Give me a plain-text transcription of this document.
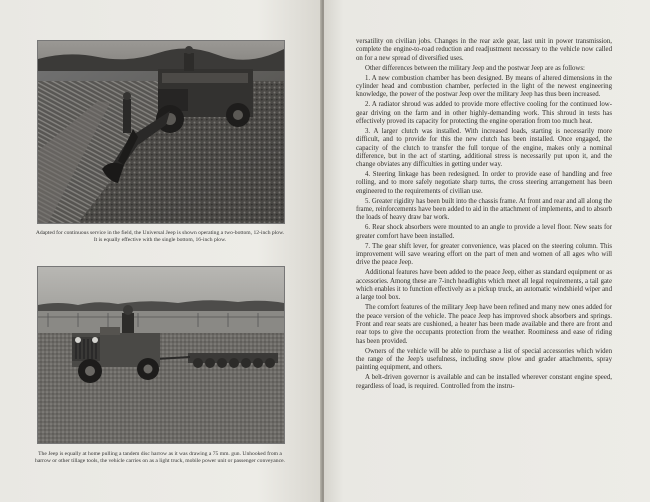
Adapted for continuous service in the field, the Universal Jeep is shown operating a two-bottom, 12-inch plow. It is equally effective with the single bottom, 16-inch plow.
The Jeep is equally at home pulling a tandem disc harrow as it was drawing a 75 mm. gun. Unhooked from a harrow or other tillage tools, the vehicle carries on as a light truck, mobile power unit or passenger conveyance.

versatility on civilian jobs. Changes in the rear axle gear, last unit in power transmission, complete the engine-to-road reduction and readjustment necessary to the vehicle now called on for a new spread of diversified uses.

Other differences between the military Jeep and the postwar Jeep are as follows:

1. A new combustion chamber has been designed. By means of altered dimensions in the cylinder head and combustion chamber, perfected in the light of the newest engineering knowledge, the power of the postwar Jeep over the military Jeep has thus been increased.

2. A radiator shroud was added to provide more effective cooling for the continued low-gear driving on the farm and in other highly-demanding work. This shroud in tests has effectively proved its capacity for protecting the engine operation from too much heat.

3. A larger clutch was installed. With increased loads, starting is necessarily more difficult, and to provide for this the new clutch has been installed. Once engaged, the capacity of the clutch to transfer the full torque of the engine, makes only a nominal difference, but in the act of starting, additional stress is necessarily put upon it, and the change obviates any difficulties in getting under way.

4. Steering linkage has been redesigned. In order to provide ease of handling and free rolling, and to more safely negotiate sharp turns, the cross steering arrangement has been engineered to the requirements of civilian use.

5. Greater rigidity has been built into the chassis frame. At front and rear and all along the frame, reinforcements have been added to aid in the attachment of implements, and to absorb the loads of heavy draw bar work.

6. Rear shock absorbers were mounted to an angle to provide a level floor. New seats for greater comfort have been installed.

7. The gear shift lever, for greater convenience, was placed on the steering column. This improvement will save wearing effort on the part of men and women of all ages who will drive the peace Jeep.

Additional features have been added to the peace Jeep, either as standard equipment or as accessories. Among these are 7-inch headlights which meet all legal requirements, a tail gate which enables it to function effectively as a pickup truck, an automatic windshield wiper and a large tool box.

The comfort features of the military Jeep have been refined and many new ones added for the peace version of the vehicle. The peace Jeep has improved shock absorbers and springs. Front and rear seats are cushioned, a heater has been made available and there are front and rear tops to give the occupants protection from the weather. Roominess and ease of riding has been provided.

Owners of the vehicle will be able to purchase a list of special accessories which widen the range of the Jeep's usefulness, including snow plow and grader attachments, spray painting equipment, and others.

A belt-driven governor is available and can be installed wherever constant engine speed, regardless of load, is required. Controlled from the instru-
